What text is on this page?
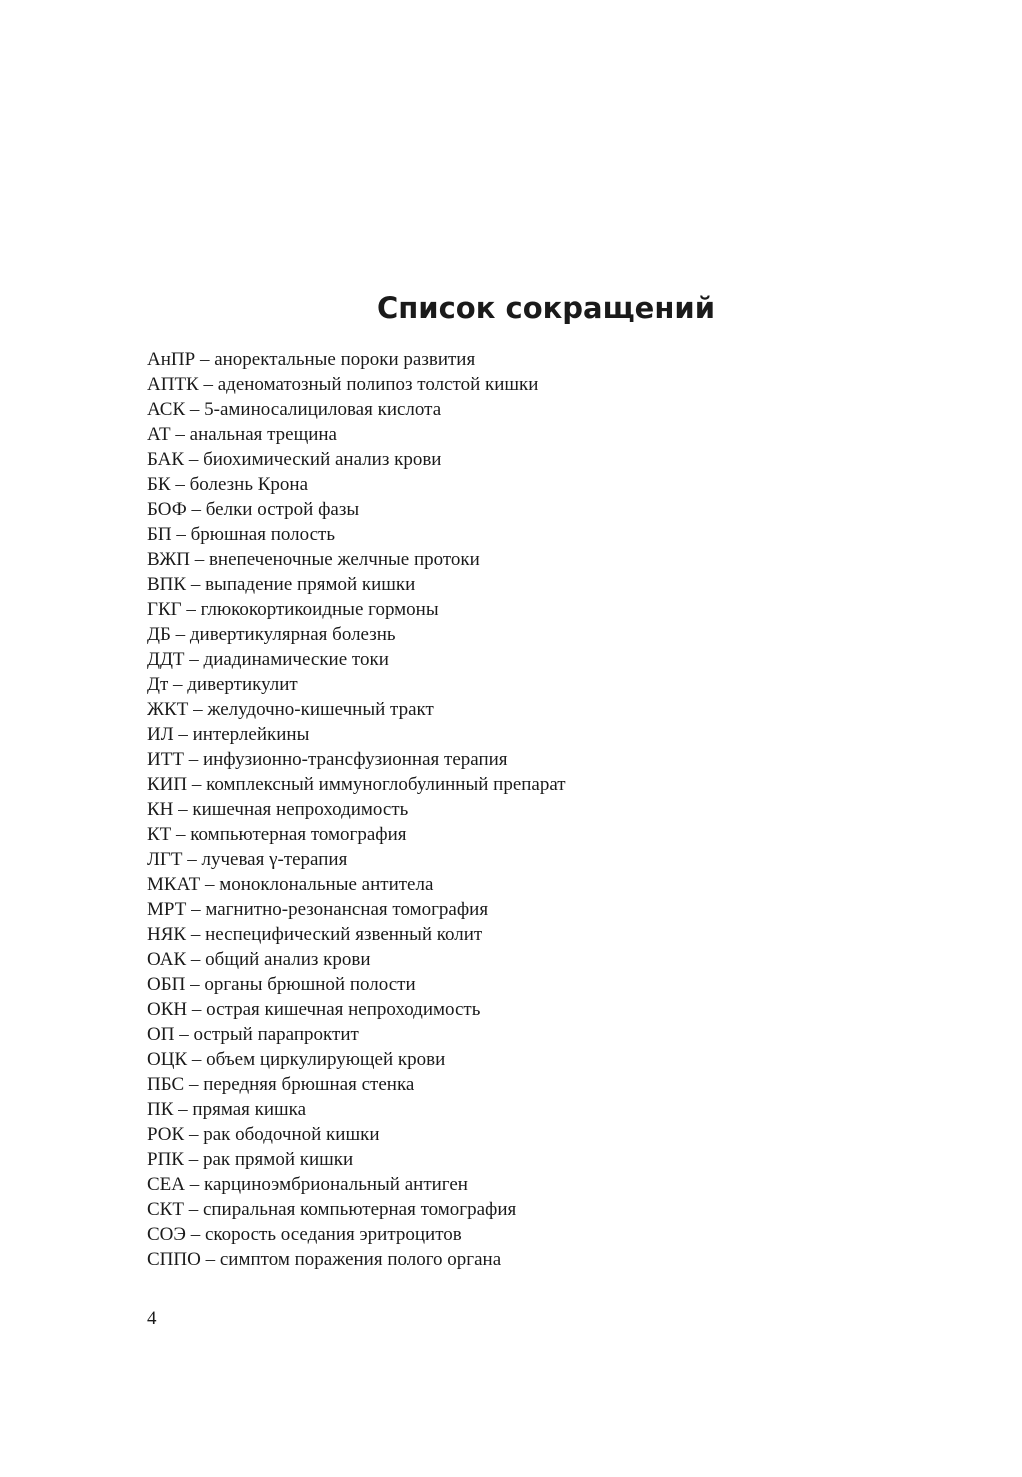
Список сокращений
АнПР – аноректальные пороки развития
АПТК – аденоматозный полипоз толстой кишки
АСК – 5-аминосалициловая кислота
АТ – анальная трещина
БАК – биохимический анализ крови
БК – болезнь Крона
БОФ – белки острой фазы
БП – брюшная полость
ВЖП – внепеченочные желчные протоки
ВПК – выпадение прямой кишки
ГКГ – глюкокортикоидные гормоны
ДБ – дивертикулярная болезнь
ДДТ – диадинамические токи
Дт – дивертикулит
ЖКТ – желудочно-кишечный тракт
ИЛ – интерлейкины
ИТТ – инфузионно-трансфузионная терапия
КИП – комплексный иммуноглобулинный препарат
КН – кишечная непроходимость
КТ – компьютерная томография
ЛГТ – лучевая γ-терапия
МКАТ – моноклональные антитела
МРТ – магнитно-резонансная томография
НЯК – неспецифический язвенный колит
ОАК – общий анализ крови
ОБП – органы брюшной полости
ОКН – острая кишечная непроходимость
ОП – острый парапроктит
ОЦК – объем циркулирующей крови
ПБС – передняя брюшная стенка
ПК – прямая кишка
РОК – рак ободочной кишки
РПК – рак прямой кишки
СЕА – карциноэмбриональный антиген
СКТ – спиральная компьютерная томография
СОЭ – скорость оседания эритроцитов
СППО – симптом поражения полого органа
4
